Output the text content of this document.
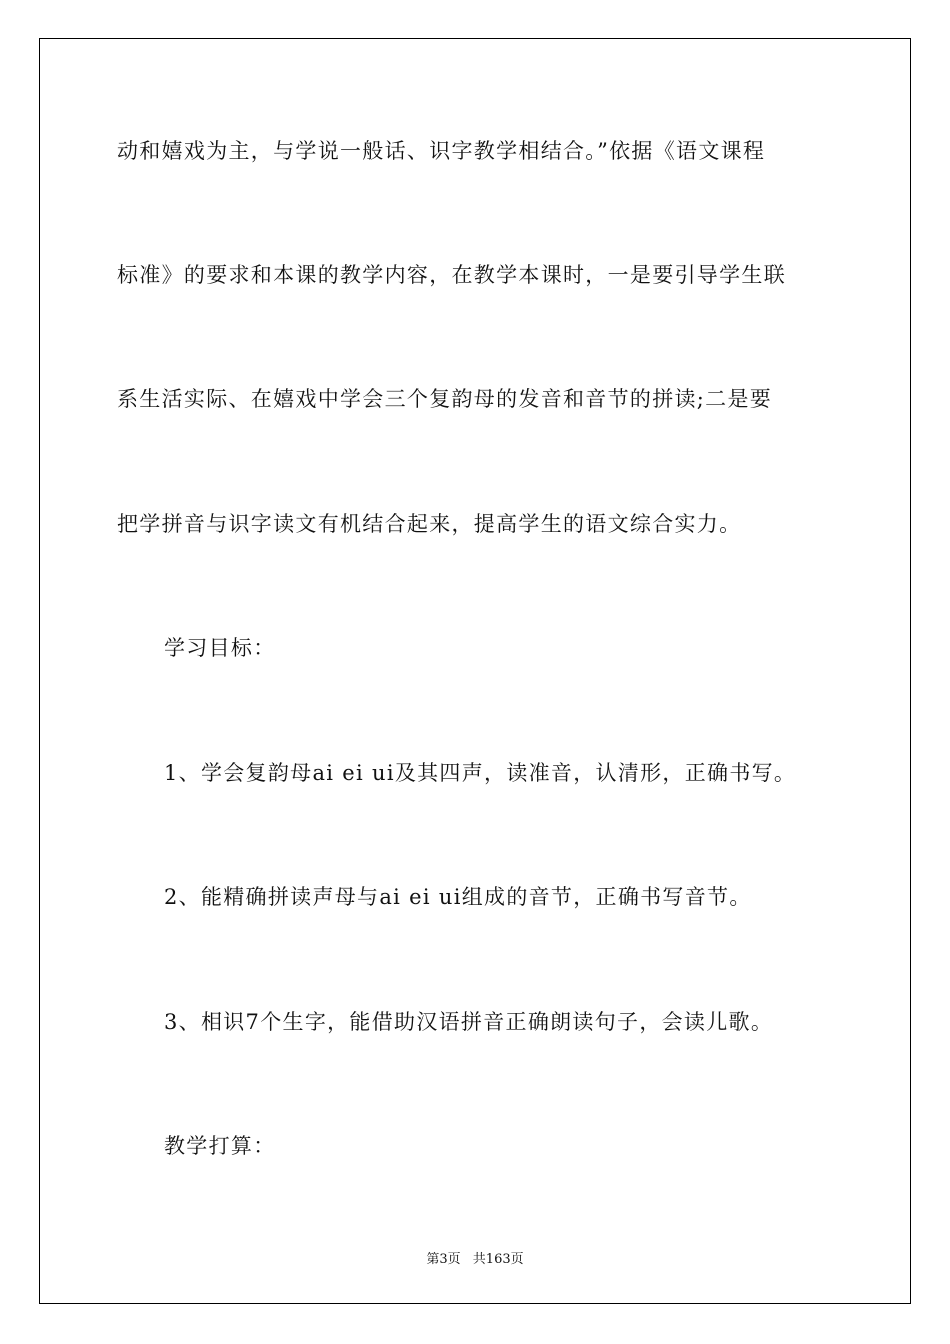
动和嬉戏为主，与学说一般话、识字教学相结合。”依据《语文课程
标准》的要求和本课的教学内容，在教学本课时，一是要引导学生联
系生活实际、在嬉戏中学会三个复韵母的发音和音节的拼读;二是要
把学拼音与识字读文有机结合起来，提高学生的语文综合实力。
学习目标：
1、学会复韵母ai ei ui及其四声，读准音，认清形，正确书写。
2、能精确拼读声母与ai ei ui组成的音节，正确书写音节。
3、相识7个生字，能借助汉语拼音正确朗读句子，会读儿歌。
教学打算：
第3页 共163页
